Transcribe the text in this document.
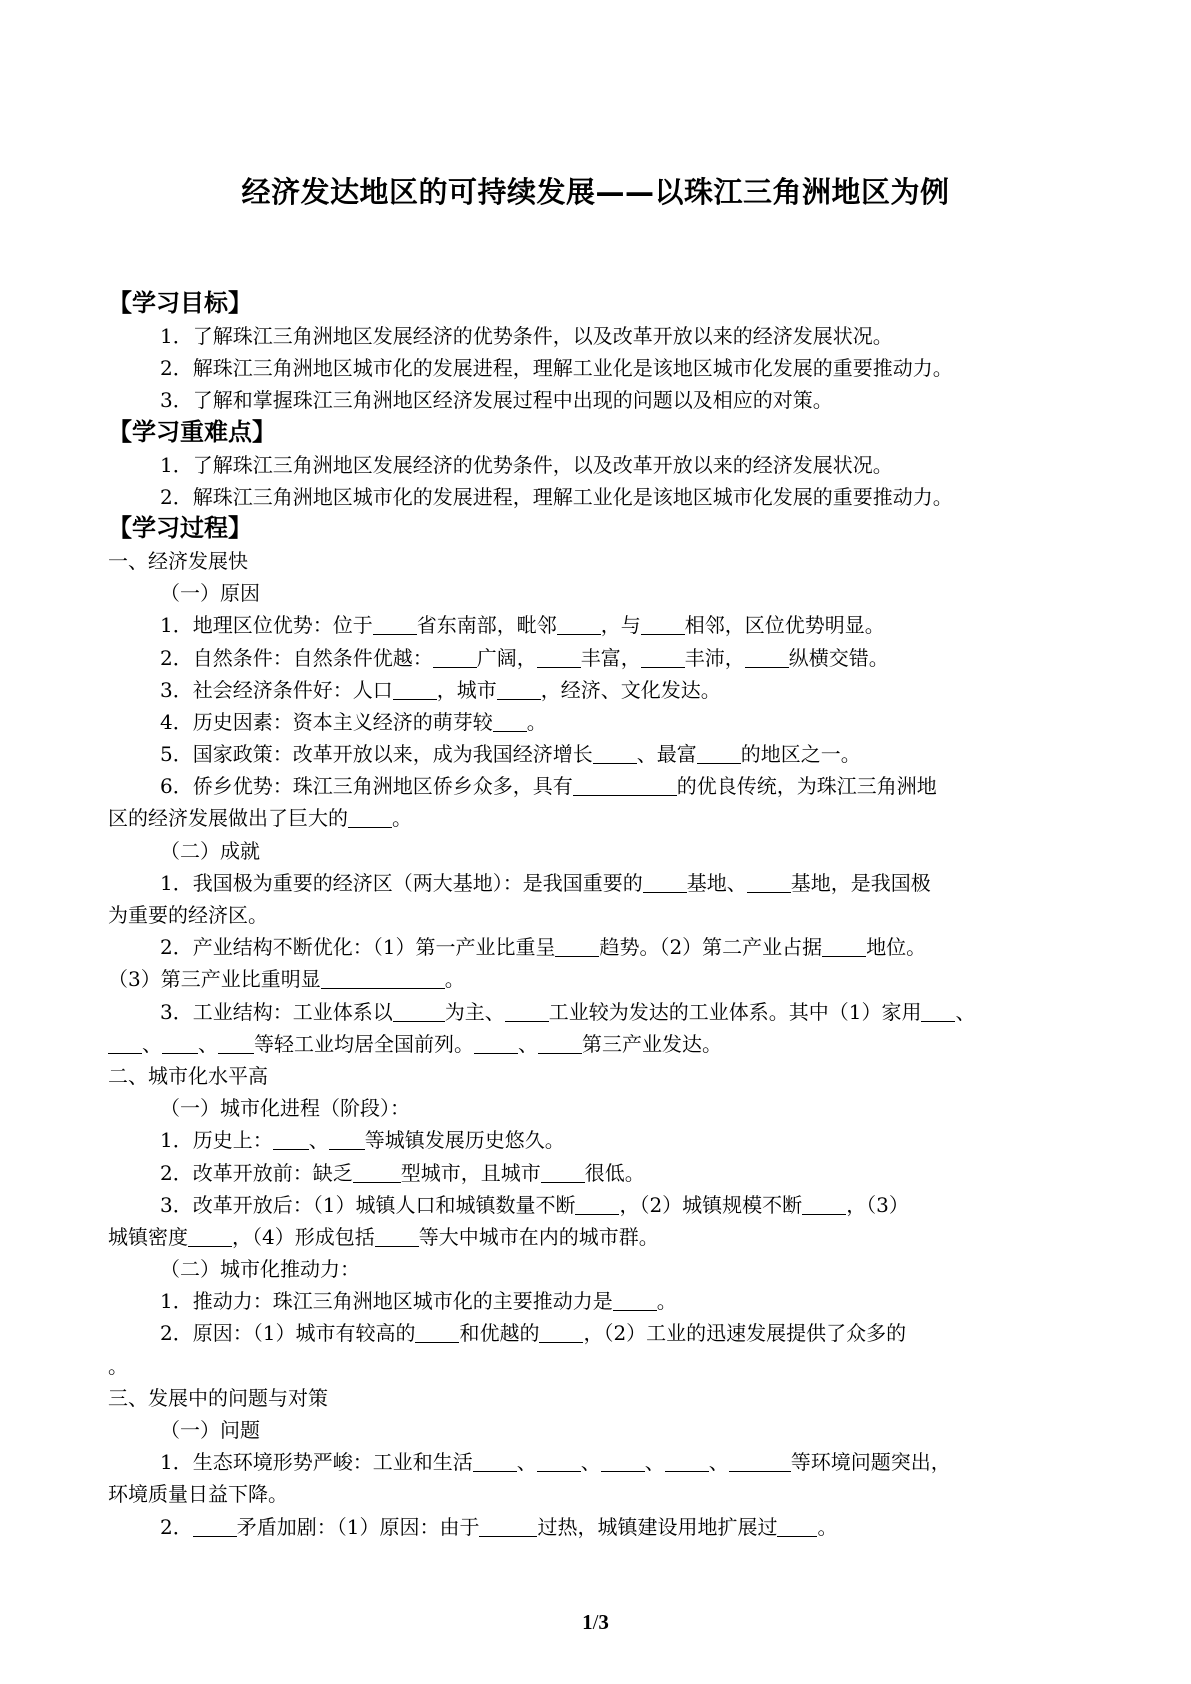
经济发达地区的可持续发展——以珠江三角洲地区为例
【学习目标】
1．了解珠江三角洲地区发展经济的优势条件，以及改革开放以来的经济发展状况。
2．解珠江三角洲地区城市化的发展进程，理解工业化是该地区城市化发展的重要推动力。
3．了解和掌握珠江三角洲地区经济发展过程中出现的问题以及相应的对策。
【学习重难点】
1．了解珠江三角洲地区发展经济的优势条件，以及改革开放以来的经济发展状况。
2．解珠江三角洲地区城市化的发展进程，理解工业化是该地区城市化发展的重要推动力。
【学习过程】
一、经济发展快
（一）原因
1．地理区位优势：位于 省东南部，毗邻 ，与 相邻，区位优势明显。
2．自然条件：自然条件优越： 广阔， 丰富， 丰沛， 纵横交错。
3．社会经济条件好：人口 ，城市 ，经济、文化发达。
4．历史因素：资本主义经济的萌芽较 。
5．国家政策：改革开放以来，成为我国经济增长 、最富 的地区之一。
6．侨乡优势：珠江三角洲地区侨乡众多，具有	的优良传统，为珠江三角洲地
区的经济发展做出了巨大的 。
（二）成就
1．我国极为重要的经济区（两大基地）：是我国重要的 基地、 基地，是我国极
为重要的经济区。
2．产业结构不断优化：（1）第一产业比重呈 趋势。（2）第二产业占据 地位。
（3）第三产业比重明显	。
3．工业结构：工业体系以	为主、 工业较为发达的工业体系。其中（1）家用 、
、 、 等轻工业均居全国前列。 、 第三产业发达。
二、城市化水平高
（一）城市化进程（阶段）：
1．历史上： 、 等城镇发展历史悠久。
2．改革开放前：缺乏 型城市，且城市 很低。
3．改革开放后：（1）城镇人口和城镇数量不断 ，（2）城镇规模不断 ，（3）
城镇密度 ，（4）形成包括 等大中城市在内的城市群。
（二）城市化推动力：
1．推动力：珠江三角洲地区城市化的主要推动力是 。
2．原因：（1）城市有较高的 和优越的 ，（2）工业的迅速发展提供了众多的
。
三、发展中的问题与对策
（一）问题
1．生态环境形势严峻：工业和生活 、 、 、 、	等环境问题突出，
环境质量日益下降。
2． 矛盾加剧：（1）原因：由于	过热，城镇建设用地扩展过 。
1/3
